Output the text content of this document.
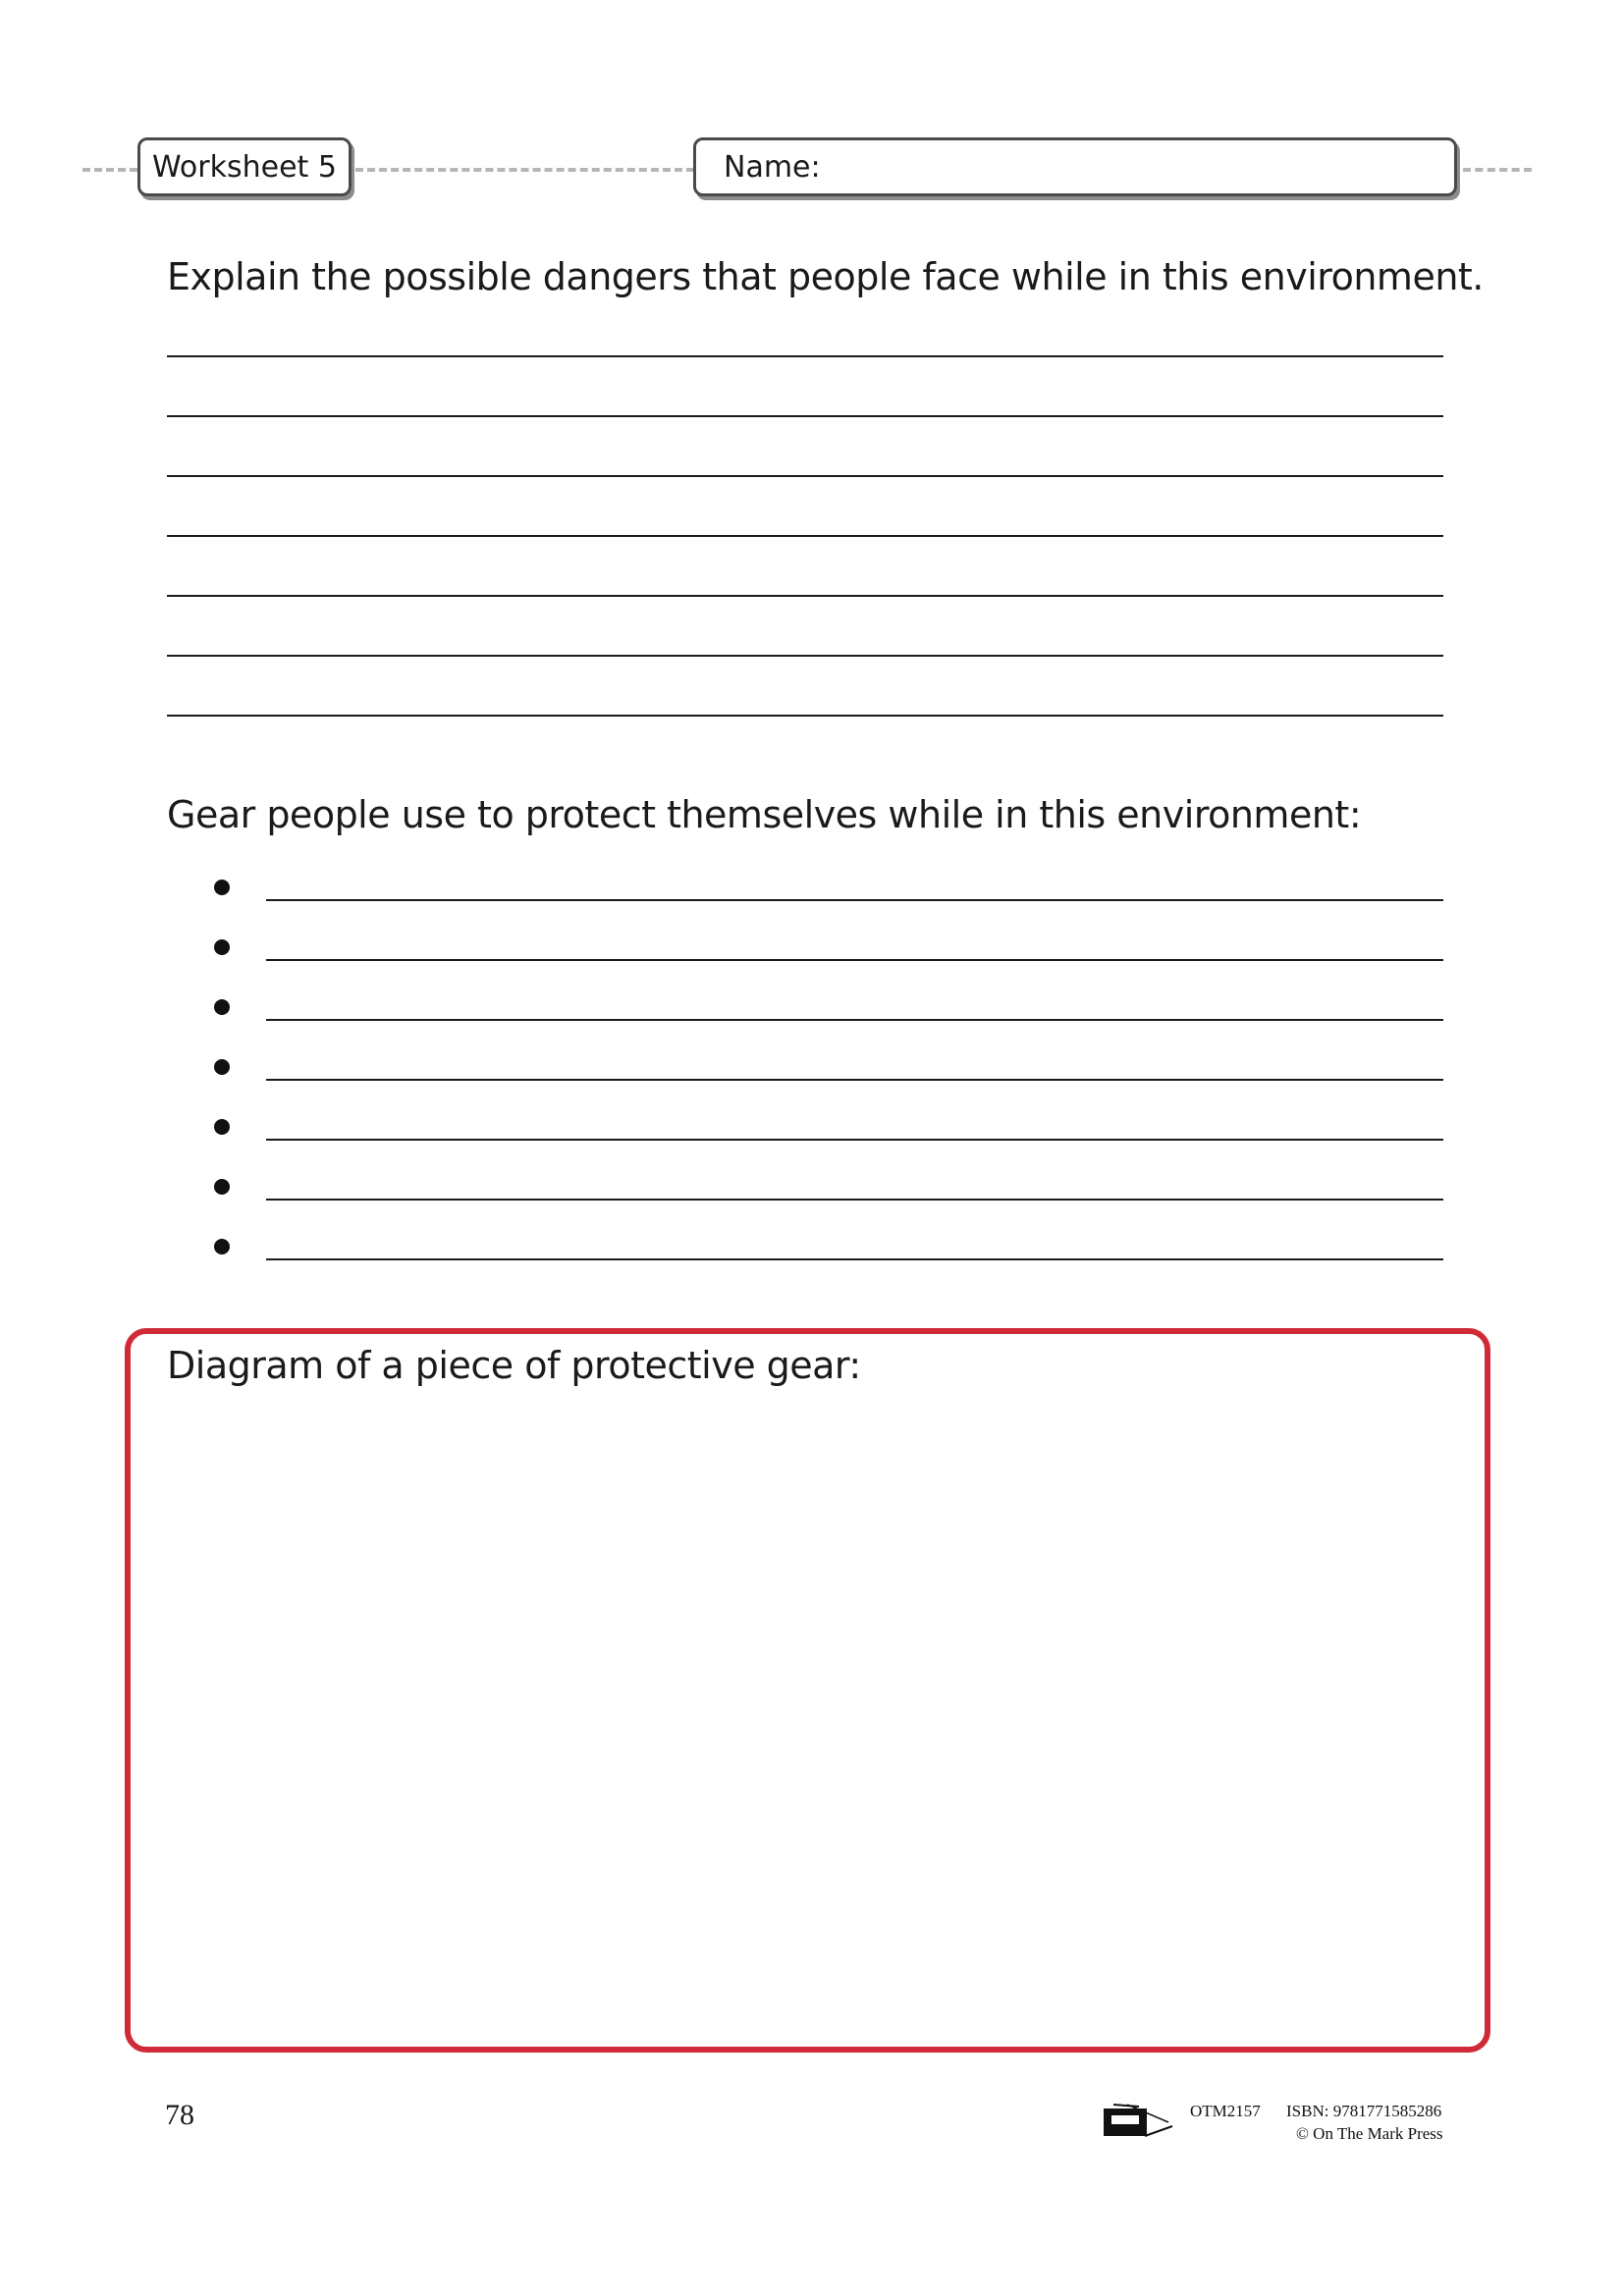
Worksheet 5	Name:
Explain the possible dangers that people face while in this environment.
Gear people use to protect themselves while in this environment:
Diagram of a piece of protective gear:
78	OTM2157 ISBN: 9781771585286
© On The Mark Press
